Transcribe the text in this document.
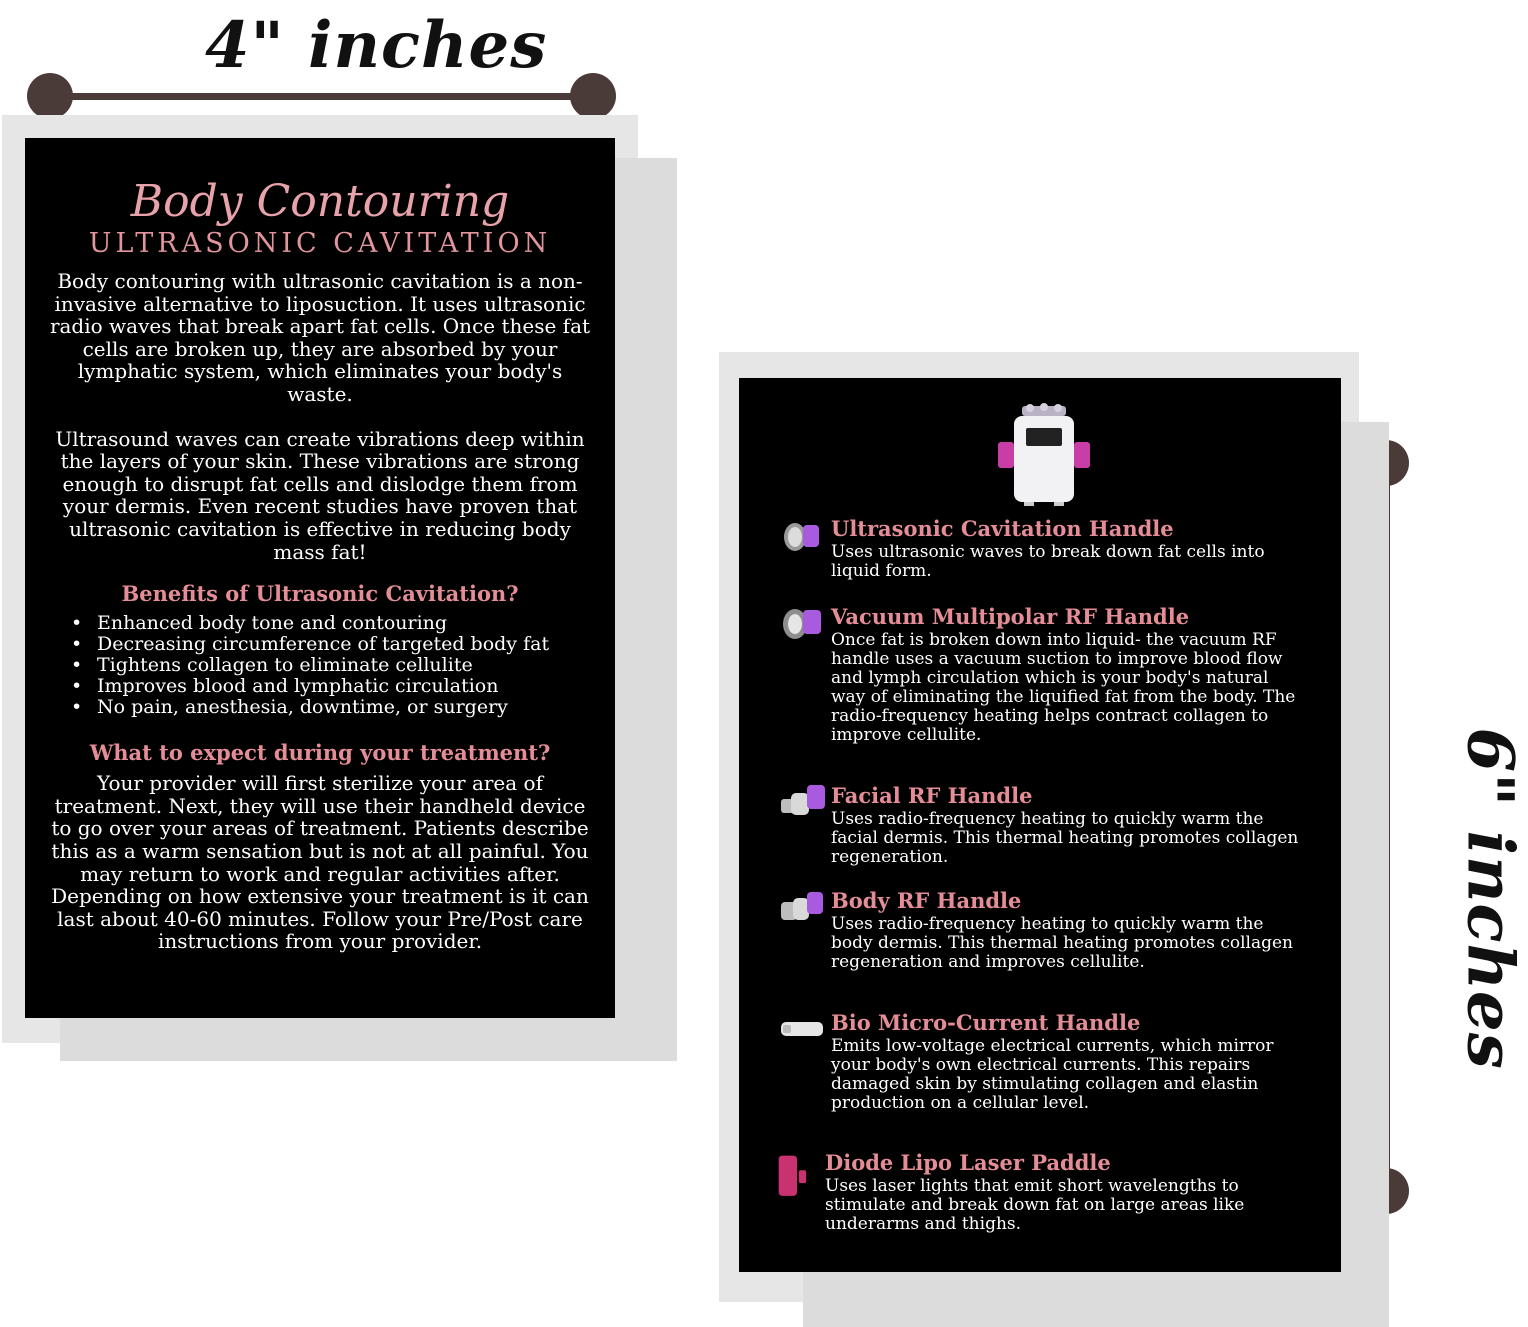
4" inches
6" inches

Body Contouring

ULTRASONIC CAVITATION

Body contouring with ultrasonic cavitation is a non-invasive alternative to liposuction. It uses ultrasonic radio waves that break apart fat cells. Once these fat cells are broken up, they are absorbed by your lymphatic system, which eliminates your body's waste.

Ultrasound waves can create vibrations deep within the layers of your skin. These vibrations are strong enough to disrupt fat cells and dislodge them from your dermis. Even recent studies have proven that ultrasonic cavitation is effective in reducing body mass fat!

Benefits of Ultrasonic Cavitation?

• Enhanced body tone and contouring
• Decreasing circumference of targeted body fat
• Tightens collagen to eliminate cellulite
• Improves blood and lymphatic circulation
• No pain, anesthesia, downtime, or surgery

What to expect during your treatment?

Your provider will first sterilize your area of treatment. Next, they will use their handheld device to go over your areas of treatment. Patients describe this as a warm sensation but is not at all painful. You may return to work and regular activities after. Depending on how extensive your treatment is it can last about 40-60 minutes. Follow your Pre/Post care instructions from your provider.

Ultrasonic Cavitation Handle
Uses ultrasonic waves to break down fat cells into liquid form.
Vacuum Multipolar RF Handle
Once fat is broken down into liquid- the vacuum RF handle uses a vacuum suction to improve blood flow and lymph circulation which is your body's natural way of eliminating the liquified fat from the body. The radio-frequency heating helps contract collagen to improve cellulite.
Facial RF Handle
Uses radio-frequency heating to quickly warm the facial dermis. This thermal heating promotes collagen regeneration.
Body RF Handle
Uses radio-frequency heating to quickly warm the body dermis. This thermal heating promotes collagen regeneration and improves cellulite.
Bio Micro-Current Handle
Emits low-voltage electrical currents, which mirror your body's own electrical currents. This repairs damaged skin by stimulating collagen and elastin production on a cellular level.
Diode Lipo Laser Paddle
Uses laser lights that emit short wavelengths to stimulate and break down fat on large areas like underarms and thighs.
